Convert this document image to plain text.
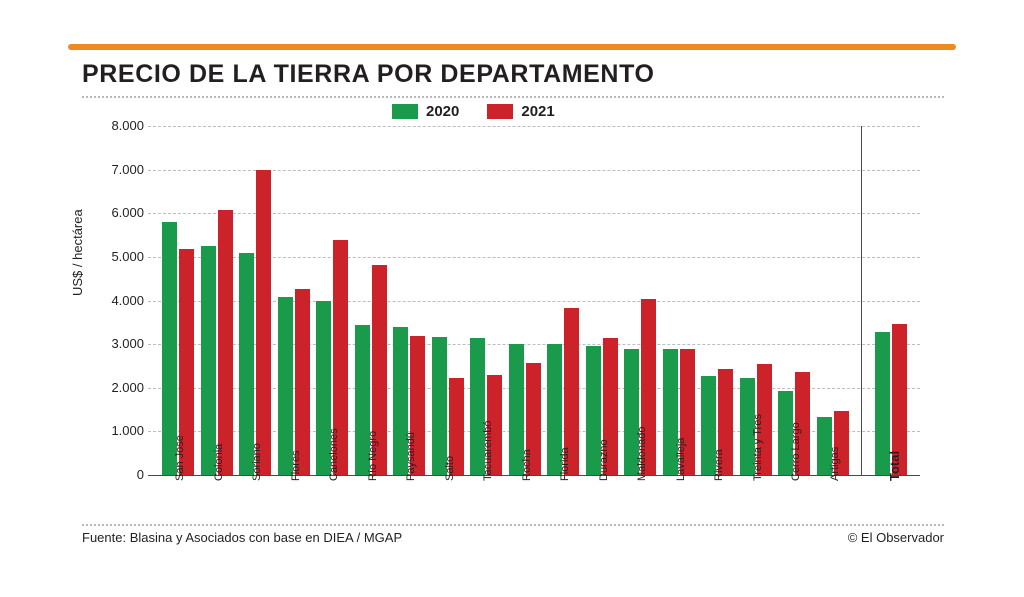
PRECIO DE LA TIERRA POR DEPARTAMENTO
2020	2021
US$ / hectárea
0
1.000
2.000
3.000
4.000
5.000
6.000
7.000
8.000
San Jose Colonia Soriano Flores Canelones Río Negro Paysandú Salto Tacuarembó Rocha Florida Durazno Maldonado Lavalleja Rivera Treinta y Tres Cerro Largo Artigas	Total
Fuente: Blasina y Asociados con base en DIEA / MGAP	© El Observador
